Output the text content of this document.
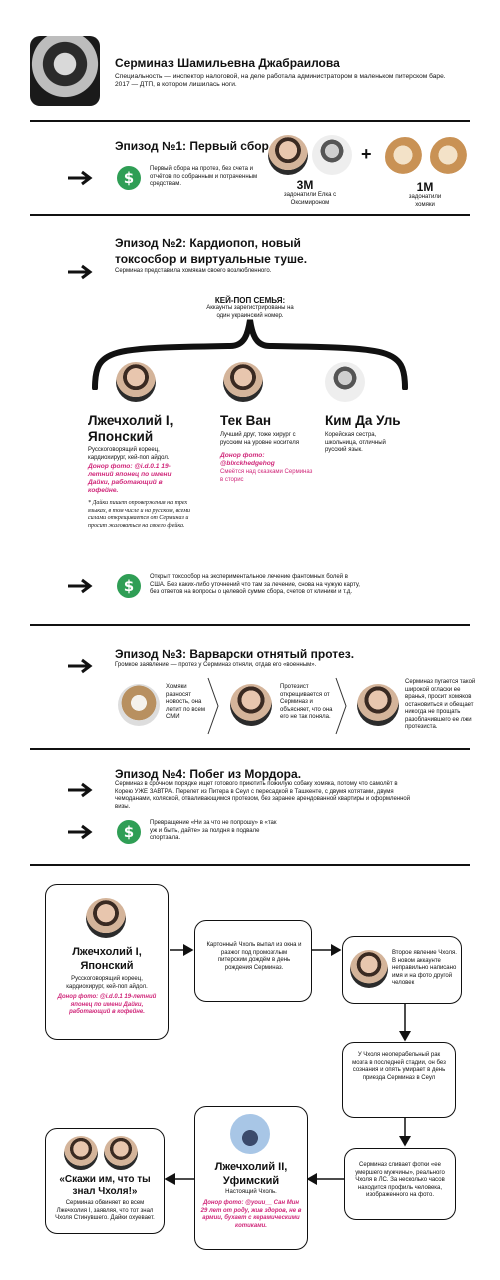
Серминаз Шамильевна Джабраилова
Специальность — инспектор налоговой, на деле работала администратором в маленьком питерском баре. 2017 — ДТП, в котором лишилась ноги.
Эпизод №1: Первый сбор
$	Первый сбора на протез, без счета и отчётов по собранным и потраченным средствам.	3М
задонатили Елка с Оксимироном
+
1М
задонатили хомяки
Эпизод №2: Кардиопоп, новый токсосбор и виртуальные туше.
Серминаз представила хомякам своего возлюбленного.
КЕЙ-ПОП СЕМЬЯ:
Аккаунты зарегистрированы на один украинский номер.
Лжечхолий I, Японский
Русскоговорящий кореец, кардиохирург, кей-поп айдол.
Донор фото: @i.d.0.1 19-летний японец по имени Дайки, работающий в кофейне.
* Дайки пишет опровержения на трех языках, в том числе и на русском, всеми силами открещивается от Серминаз и просит жаловаться на своего фейка.
Тек Ван
Лучший друг, тоже хирург с русским на уровне носителя
Донор фото: @blxckhedgehog
Смеётся над сказками Серминаз в сторис
Ким Да Уль
Корейская сестра, школьница, отличный русский язык.
$	Открыт токсосбор на экспериментальное лечение фантомных болей в США. Без каких-либо уточнений что там за лечение, снова на чужую карту, без ответов на вопросы о целевой сумме сбора, счетов от клиники и т.д.
Эпизод №3: Варварски отнятый протез.
Громкое заявление — протез у Серминаз отняли, отдав его «военным».
Хомяки разносят новость, она летит по всем СМИ
Протезист открещивается от Серминаз и объясняет, что она его не так поняла.
Серминаз пугается такой широкой огласки ее вранья, просит хомяков остановиться и обещает никогда не прощать разоблачившего ее лжи протезиста.
Эпизод №4: Побег из Мордора.
Серминаз в срочном порядке ищет готового приютить пожилую собаку хомяка, потому что самолёт в Корею УЖЕ ЗАВТРА. Перелет из Питера в Сеул с пересадкой в Ташкенте, с двумя котятами, двумя чемоданами, коляской, отваливающимся протезом, без заранее арендованной квартиры и оформленной визы.
$	Превращение «Ни за что не попрошу» в «так уж и быть, дайте» за полдня в подвале спортзала.
Лжечхолий I, Японский
Русскоговорящий кореец, кардиохирург, кей-поп айдол.
Донор фото: @i.d.0.1 19-летний японец по имени Дайки, работающий в кофейне.
Картонный Чхоль выпал из окна и разжог под промозглым питерским дождём в день рождения Серминаз.
Второе явление Чхоля. В новом аккаунте неправильно написано имя и на фото другой человек
У Чхоля неоперабельный рак мозга в последней стадии, он без сознания и опять умирает в день приезда Серминаз в Сеул
Серминаз сливает фотки «ее умершего мужчины», реального Чхоля в ЛС. За несколько часов находится профиль человека, изображенного на фото.
Лжечхолий II, Уфимский
Настоящий Чхоль.
Донор фото: @youu__ Сан Мин 29 лет от роду, жив здоров, не в армии, бухает с керамическими котиками.
«Скажи им, что ты знал Чхоля!»
Серминаз обвиняет во всем Лжечхолия I, заявляя, что тот знал Чхоля Стинувшего. Дайки охуевает.
